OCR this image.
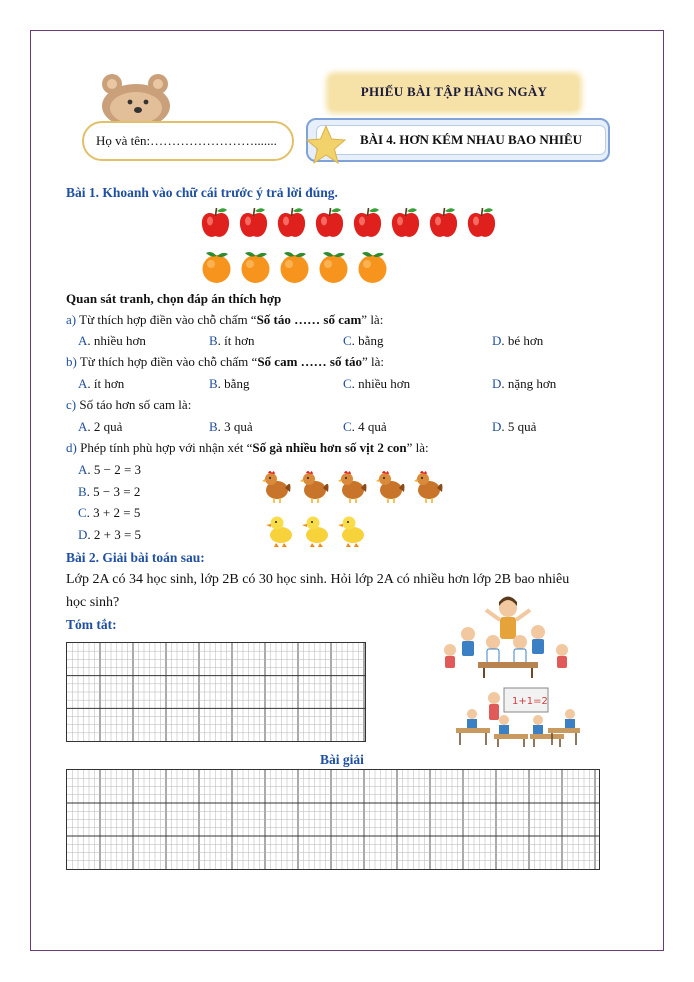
Họ và tên:…………………….......
PHIẾU BÀI TẬP HÀNG NGÀY
BÀI 4. HƠN KÉM NHAU BAO NHIÊU
Bài 1. Khoanh vào chữ cái trước ý trả lời đúng.
Quan sát tranh, chọn đáp án thích hợp
a) Từ thích hợp điền vào chỗ chấm “Số táo …… số cam” là:
A. nhiều hơn	B. ít hơn	C. bằng	D. bé hơn
b) Từ thích hợp điền vào chỗ chấm “Số cam …… số táo” là:
A. ít hơn	B. bằng	C. nhiều hơn	D. nặng hơn
c) Số táo hơn số cam là:
A. 2 quả	B. 3 quả	C. 4 quả	D. 5 quả
d) Phép tính phù hợp với nhận xét “Số gà nhiều hơn số vịt 2 con” là:
A. 5 − 2 = 3
B. 5 − 3 = 2
C. 3 + 2 = 5
D. 2 + 3 = 5
Bài 2. Giải bài toán sau:
Lớp 2A có 34 học sinh, lớp 2B có 30 học sinh. Hỏi lớp 2A có nhiều hơn lớp 2B bao nhiêu
học sinh?
Tóm tắt:
1+1=2
Bài giải
